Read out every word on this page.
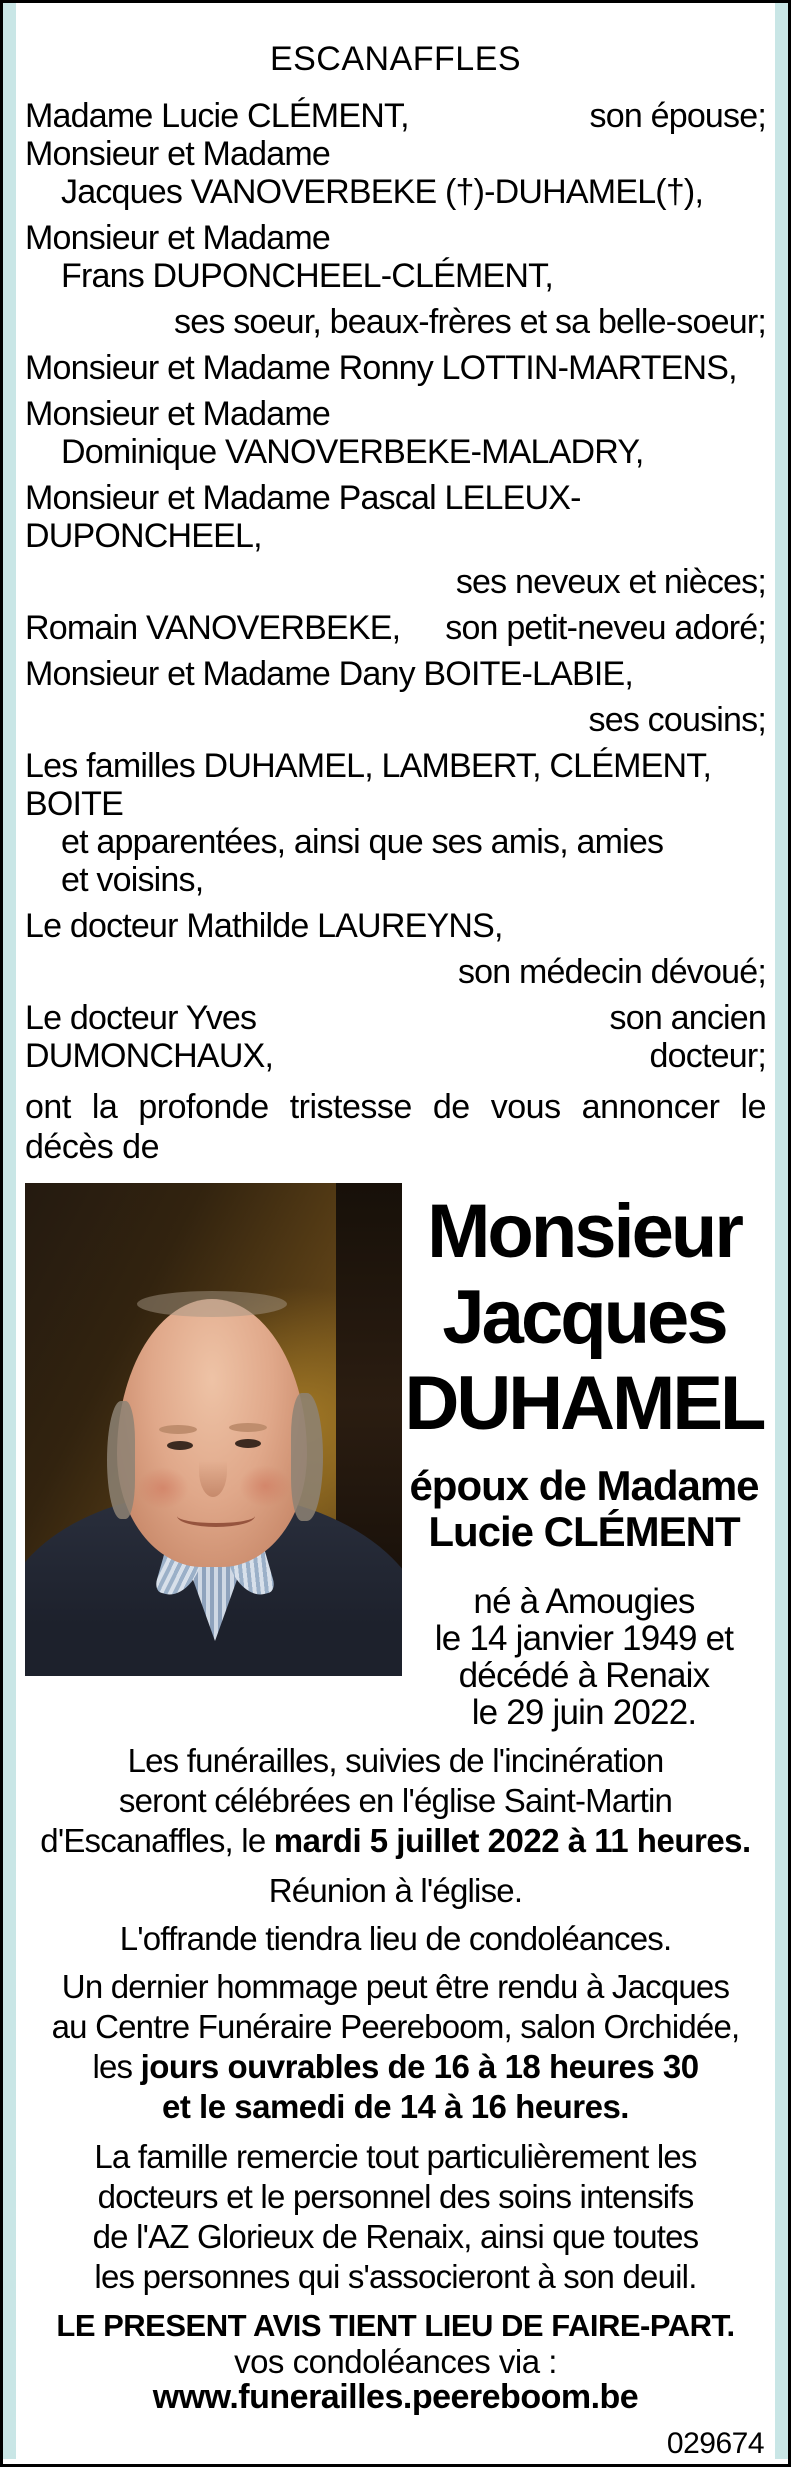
ESCANAFFLES
Madame Lucie CLÉMENT,	son épouse;
Monsieur et Madame
Jacques VANOVERBEKE (†)-DUHAMEL(†),
Monsieur et Madame
Frans DUPONCHEEL-CLÉMENT,
ses soeur, beaux-frères et sa belle-soeur;
Monsieur et Madame Ronny LOTTIN-MARTENS,
Monsieur et Madame
Dominique VANOVERBEKE-MALADRY,
Monsieur et Madame Pascal LELEUX-DUPONCHEEL,
ses neveux et nièces;
Romain VANOVERBEKE, son petit-neveu adoré;
Monsieur et Madame Dany BOITE-LABIE,
ses cousins;
Les familles DUHAMEL, LAMBERT, CLÉMENT, BOITE
et apparentées, ainsi que ses amis, amies
et voisins,
Le docteur Mathilde LAUREYNS,
son médecin dévoué;
Le docteur Yves DUMONCHAUX,
son ancien docteur;
ont la profonde tristesse de vous annoncer le
décès de
Monsieur
Jacques
DUHAMEL
époux de Madame
Lucie CLÉMENT
né à Amougies
le 14 janvier 1949 et
décédé à Renaix
le 29 juin 2022.

Les funérailles, suivies de l'incinération

seront célébrées en l'église Saint-Martin

d'Escanaffles, le mardi 5 juillet 2022 à 11 heures.

Réunion à l'église.

L'offrande tiendra lieu de condoléances.

Un dernier hommage peut être rendu à Jacques

au Centre Funéraire Peereboom, salon Orchidée,

les jours ouvrables de 16 à 18 heures 30

et le samedi de 14 à 16 heures.

La famille remercie tout particulièrement les

docteurs et le personnel des soins intensifs

de l'AZ Glorieux de Renaix, ainsi que toutes

les personnes qui s'associeront à son deuil.

LE PRESENT AVIS TIENT LIEU DE FAIRE-PART.
vos condoléances via :
www.funerailles.peereboom.be
029674
